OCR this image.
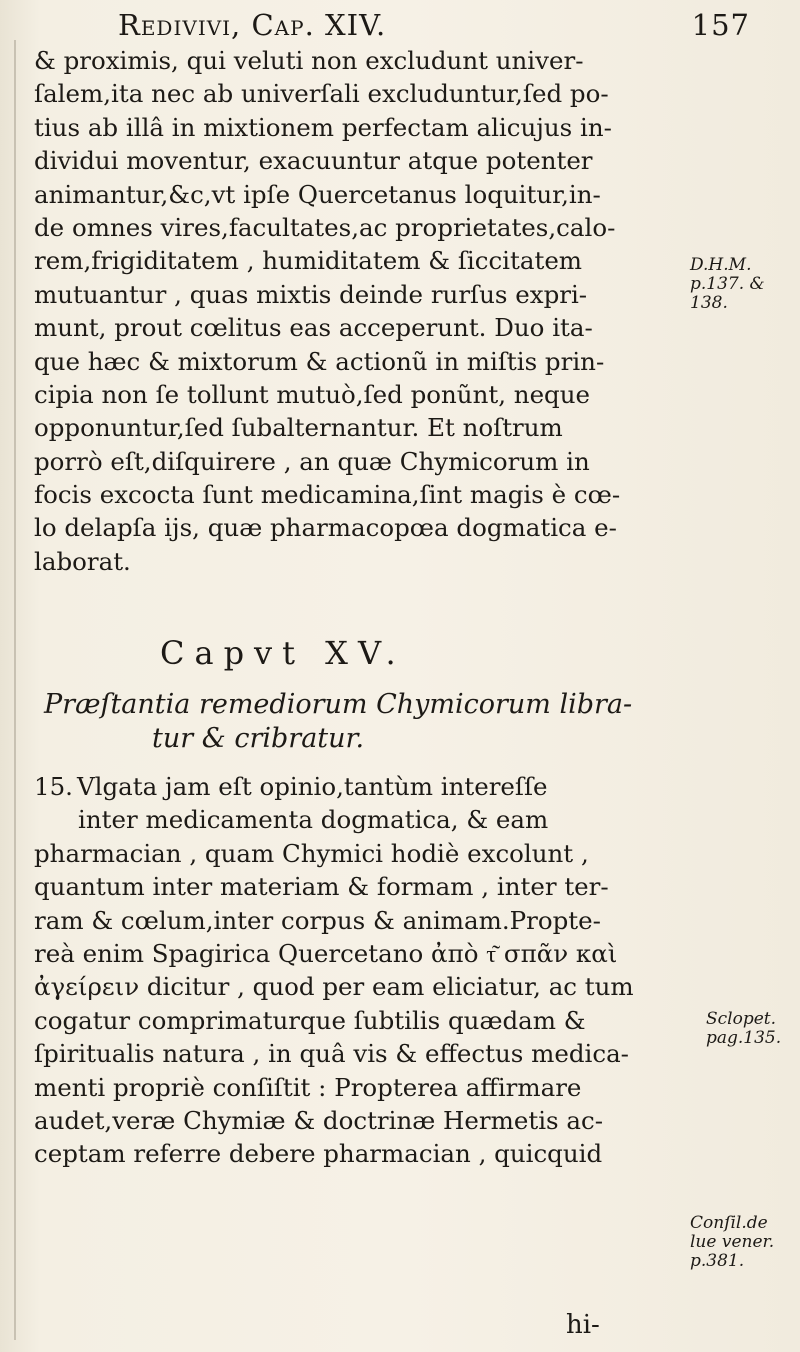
Redivivi, Cap. XIV.	157
& proximis, qui veluti non excludunt univer-
ſalem,ita nec ab univerſali excluduntur,ſed po-
tius ab illâ in mixtionem perfectam alicujus in-
dividui moventur, exacuuntur atque potenter
animantur,&c,vt ipſe Quercetanus loquitur,in-
de omnes vires,facultates,ac proprietates,calo-
rem,frigiditatem , humiditatem & ſiccitatem
mutuantur , quas mixtis deinde rurſus expri-
munt, prout cœlitus eas acceperunt. Duo ita-
que hæc & mixtorum & actionũ in miſtis prin-
cipia non ſe tollunt mutuò,ſed ponũnt, neque
opponuntur,ſed ſubalternantur. Et noſtrum
porrò eſt,diſquirere , an quæ Chymicorum in
focis excocta ſunt medicamina,ſint magis è cœ-
lo delapſa ijs, quæ pharmacopœa dogmatica e-
laborat.
Capvt XV.
Præſtantia remediorum Chymicorum libra-
tur & cribratur.
15. Vlgata jam eſt opinio,tantùm intereſſe
inter medicamenta dogmatica, & eam
pharmacian , quam Chymici hodiè excolunt ,
quantum inter materiam & formam , inter ter-
ram & cœlum,inter corpus & animam.Propte-
reà enim Spagirica Quercetano ἀπὸ τ͂ σπᾶν καὶ
ἀγείρειν dicitur , quod per eam eliciatur, ac tum
cogatur comprimaturque ſubtilis quædam &
ſpiritualis natura , in quâ vis & effectus medica-
menti propriè conſiſtit : Propterea affirmare
audet,veræ Chymiæ & doctrinæ Hermetis ac-
ceptam referre debere pharmacian , quicquid
D.H.M.
p.137. &
138.
Sclopet.
pag.135.
Conſil.de
lue vener.
p.381.
hi-
